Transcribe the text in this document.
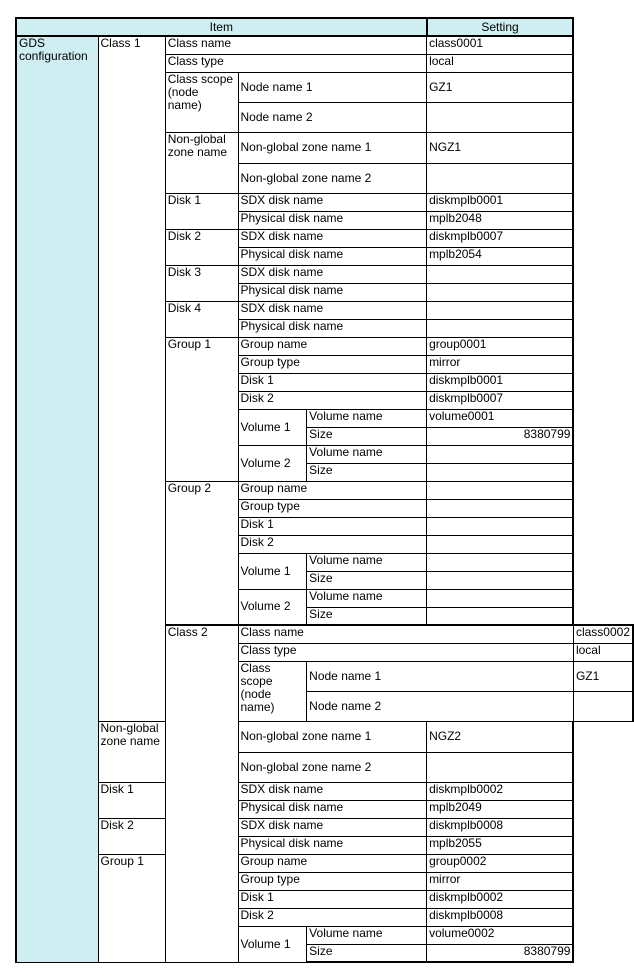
Item					Setting	
GDS configuration	Class 1	Class name			class0001	
		Class type			local	
		Class scope (node name)	Node name 1		GZ1	
			Node name 2			
		Non-global zone name	Non-global zone name 1		NGZ1	
			Non-global zone name 2			
		Disk 1	SDX disk name		diskmplb0001	
			Physical disk name		mplb2048	
		Disk 2	SDX disk name		diskmplb0007	
			Physical disk name		mplb2054	
		Disk 3	SDX disk name			
			Physical disk name			
		Disk 4	SDX disk name			
			Physical disk name			
		Group 1	Group name		group0001	
			Group type		mirror	
			Disk 1		diskmplb0001	
			Disk 2		diskmplb0007	
			Volume 1	Volume name	volume0001	
				Size	8380799	
			Volume 2	Volume name		
				Size		
		Group 2	Group name			
			Group type			
			Disk 1			
			Disk 2			
			Volume 1	Volume name		
				Size		
			Volume 2	Volume name		
				Size		
		Class 2	Class name			class0002
			Class type			local
			Class scope (node name)	Node name 1		GZ1
				Node name 2		
	Non-global zone name		Non-global zone name 1		NGZ2	
			Non-global zone name 2			
	Disk 1		SDX disk name		diskmplb0002	
			Physical disk name		mplb2049	
	Disk 2		SDX disk name		diskmplb0008	
			Physical disk name		mplb2055	
	Group 1		Group name		group0002	
			Group type		mirror	
			Disk 1		diskmplb0002	
			Disk 2		diskmplb0008	
			Volume 1	Volume name	volume0002	
				Size	8380799	
